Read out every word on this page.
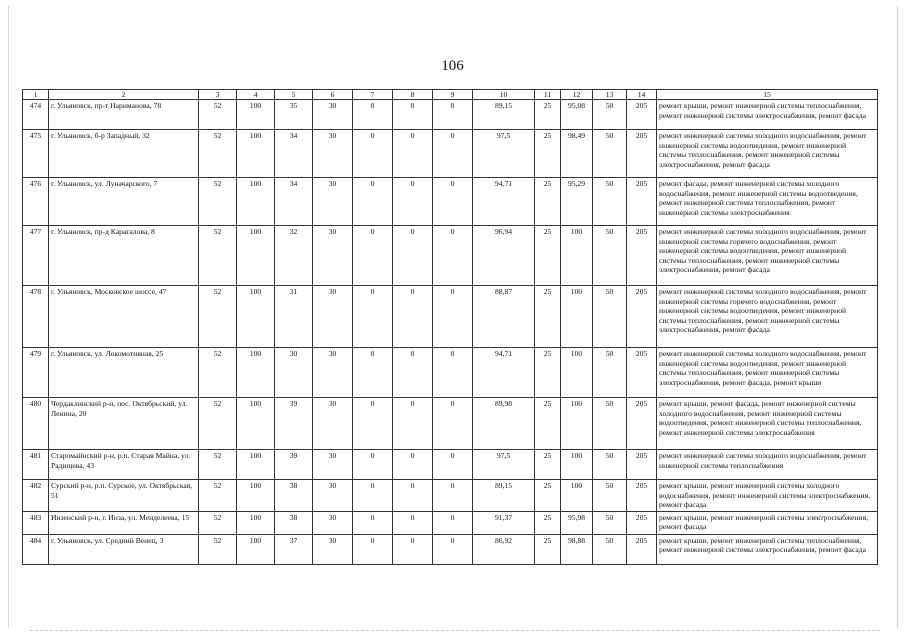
106
1	2	3	4	5	6	7	8	9	10	11	12	13	14	15
474	г. Ульяновск, пр-т Нариманова, 78	52	100	35	30	0	0	0	89,15	25	95,08	50	205	ремонт крыши, ремонт инженерной системы теплоснабжения, ремонт инженерной системы электроснабжения, ремонт фасада
475	г. Ульяновск, б-р Западный, 32	52	100	34	30	0	0	0	97,5	25	98,49	50	205	ремонт инженерной системы холодного водоснабжения, ремонт инженерной системы водоотведения, ремонт инженерной системы теплоснабжения, ремонт инженерной системы электроснабжения, ремонт фасада
476	г. Ульяновск, ул. Луначарского, 7	52	100	34	30	0	0	0	94,71	25	95,29	50	205	ремонт фасада, ремонт инженерной системы холодного водоснабжения, ремонт инженерной системы водоотведения, ремонт инженерной системы теплоснабжения, ремонт инженерной системы электроснабжения
477	г. Ульяновск, пр-д Карагалова, 8	52	100	32	30	0	0	0	96,94	25	100	50	205	ремонт инженерной системы холодного водоснабжения, ремонт инженерной системы горячего водоснабжения, ремонт инженерной системы водоотведения, ремонт инженерной системы теплоснабжения, ремонт инженерной системы электроснабжения, ремонт фасада
478	г. Ульяновск, Московское шоссе, 47	52	100	31	30	0	0	0	88,87	25	100	50	205	ремонт инженерной системы холодного водоснабжения, ремонт инженерной системы горячего водоснабжения, ремонт инженерной системы водоотведения, ремонт инженерной системы теплоснабжения, ремонт инженерной системы электроснабжения, ремонт фасада
479	г. Ульяновск, ул. Локомотивная, 25	52	100	30	30	0	0	0	94,71	25	100	50	205	ремонт инженерной системы холодного водоснабжения, ремонт инженерной системы водоотведения, ремонт инженерной системы теплоснабжения, ремонт инженерной системы электроснабжения, ремонт фасада, ремонт крыши
480	Чердаклинский р-н, пос. Октябрьский, ул. Ленина, 20	52	100	39	30	0	0	0	89,98	25	100	50	205	ремонт крыши, ремонт фасада, ремонт инженерной системы холодного водоснабжения, ремонт инженерной системы водоотведения, ремонт инженерной системы теплоснабжения, ремонт инженерной системы электроснабжения
481	Старомайнский р-н, р.п. Старая Майна, ул. Радищева, 43	52	100	39	30	0	0	0	97,5	25	100	50	205	ремонт инженерной системы холодного водоснабжения, ремонт инженерной системы теплоснабжения
482	Сурский р-н, р.п. Сурское, ул. Октябрьская, 51	52	100	38	30	0	0	0	89,15	25	100	50	205	ремонт крыши, ремонт инженерной системы холодного водоснабжения, ремонт инженерной системы электроснабжения, ремонт фасада
483	Инзенский р-н, г. Инза, ул. Менделеева, 15	52	100	38	30	0	0	0	91,37	25	95,98	50	205	ремонт крыши, ремонт инженерной системы электроснабжения, ремонт фасада
484	г. Ульяновск, ул. Средний Венец, 3	52	100	37	30	0	0	0	86,92	25	98,88	50	205	ремонт крыши, ремонт инженерной системы теплоснабжения, ремонт инженерной системы электроснабжения, ремонт фасада
